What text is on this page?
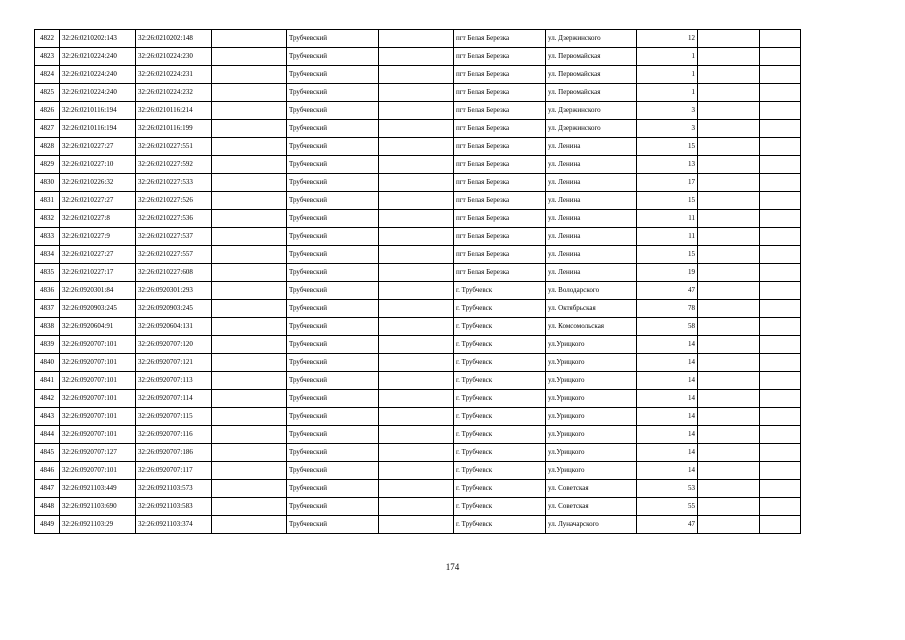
4822	32:26:0210202:143	32:26:0210202:148		Трубчевский		пгт Белая Березка	ул. Дзержинского	12		
4823	32:26:0210224:240	32:26:0210224:230		Трубчевский		пгт Белая Березка	ул. Первомайская	1		
4824	32:26:0210224:240	32:26:0210224:231		Трубчевский		пгт Белая Березка	ул. Первомайская	1		
4825	32:26:0210224:240	32:26:0210224:232		Трубчевский		пгт Белая Березка	ул. Первомайская	1		
4826	32:26:0210116:194	32:26:0210116:214		Трубчевский		пгт Белая Березка	ул. Дзержинского	3		
4827	32:26:0210116:194	32:26:0210116:199		Трубчевский		пгт Белая Березка	ул. Дзержинского	3		
4828	32:26:0210227:27	32:26:0210227:551		Трубчевский		пгт Белая Березка	ул. Ленина	15		
4829	32:26:0210227:10	32:26:0210227:592		Трубчевский		пгт Белая Березка	ул. Ленина	13		
4830	32:26:0210226:32	32:26:0210227:533		Трубчевский		пгт Белая Березка	ул. Ленина	17		
4831	32:26:0210227:27	32:26:0210227:526		Трубчевский		пгт Белая Березка	ул. Ленина	15		
4832	32:26:0210227:8	32:26:0210227:536		Трубчевский		пгт Белая Березка	ул. Ленина	11		
4833	32:26:0210227:9	32:26:0210227:537		Трубчевский		пгт Белая Березка	ул. Ленина	11		
4834	32:26:0210227:27	32:26:0210227:557		Трубчевский		пгт Белая Березка	ул. Ленина	15		
4835	32:26:0210227:17	32:26:0210227:608		Трубчевский		пгт Белая Березка	ул. Ленина	19		
4836	32:26:0920301:84	32:26:0920301:293		Трубчевский		г. Трубчевск	ул. Володарского	47		
4837	32:26:0920903:245	32:26:0920903:245		Трубчевский		г. Трубчевск	ул. Октябрьская	78		
4838	32:26:0920604:91	32:26:0920604:131		Трубчевский		г. Трубчевск	ул. Комсомольская	58		
4839	32:26:0920707:101	32:26:0920707:120		Трубчевский		г. Трубчевск	ул.Урицкого	14		
4840	32:26:0920707:101	32:26:0920707:121		Трубчевский		г. Трубчевск	ул.Урицкого	14		
4841	32:26:0920707:101	32:26:0920707:113		Трубчевский		г. Трубчевск	ул.Урицкого	14		
4842	32:26:0920707:101	32:26:0920707:114		Трубчевский		г. Трубчевск	ул.Урицкого	14		
4843	32:26:0920707:101	32:26:0920707:115		Трубчевский		г. Трубчевск	ул.Урицкого	14		
4844	32:26:0920707:101	32:26:0920707:116		Трубчевский		г. Трубчевск	ул.Урицкого	14		
4845	32:26:0920707:127	32:26:0920707:186		Трубчевский		г. Трубчевск	ул.Урицкого	14		
4846	32:26:0920707:101	32:26:0920707:117		Трубчевский		г. Трубчевск	ул.Урицкого	14		
4847	32:26:0921103:449	32:26:0921103:573		Трубчевский		г. Трубчевск	ул. Советская	53		
4848	32:26:0921103:690	32:26:0921103:583		Трубчевский		г. Трубчевск	ул. Советская	55		
4849	32:26:0921103:29	32:26:0921103:374		Трубчевский		г. Трубчевск	ул. Луначарского	47		
174
